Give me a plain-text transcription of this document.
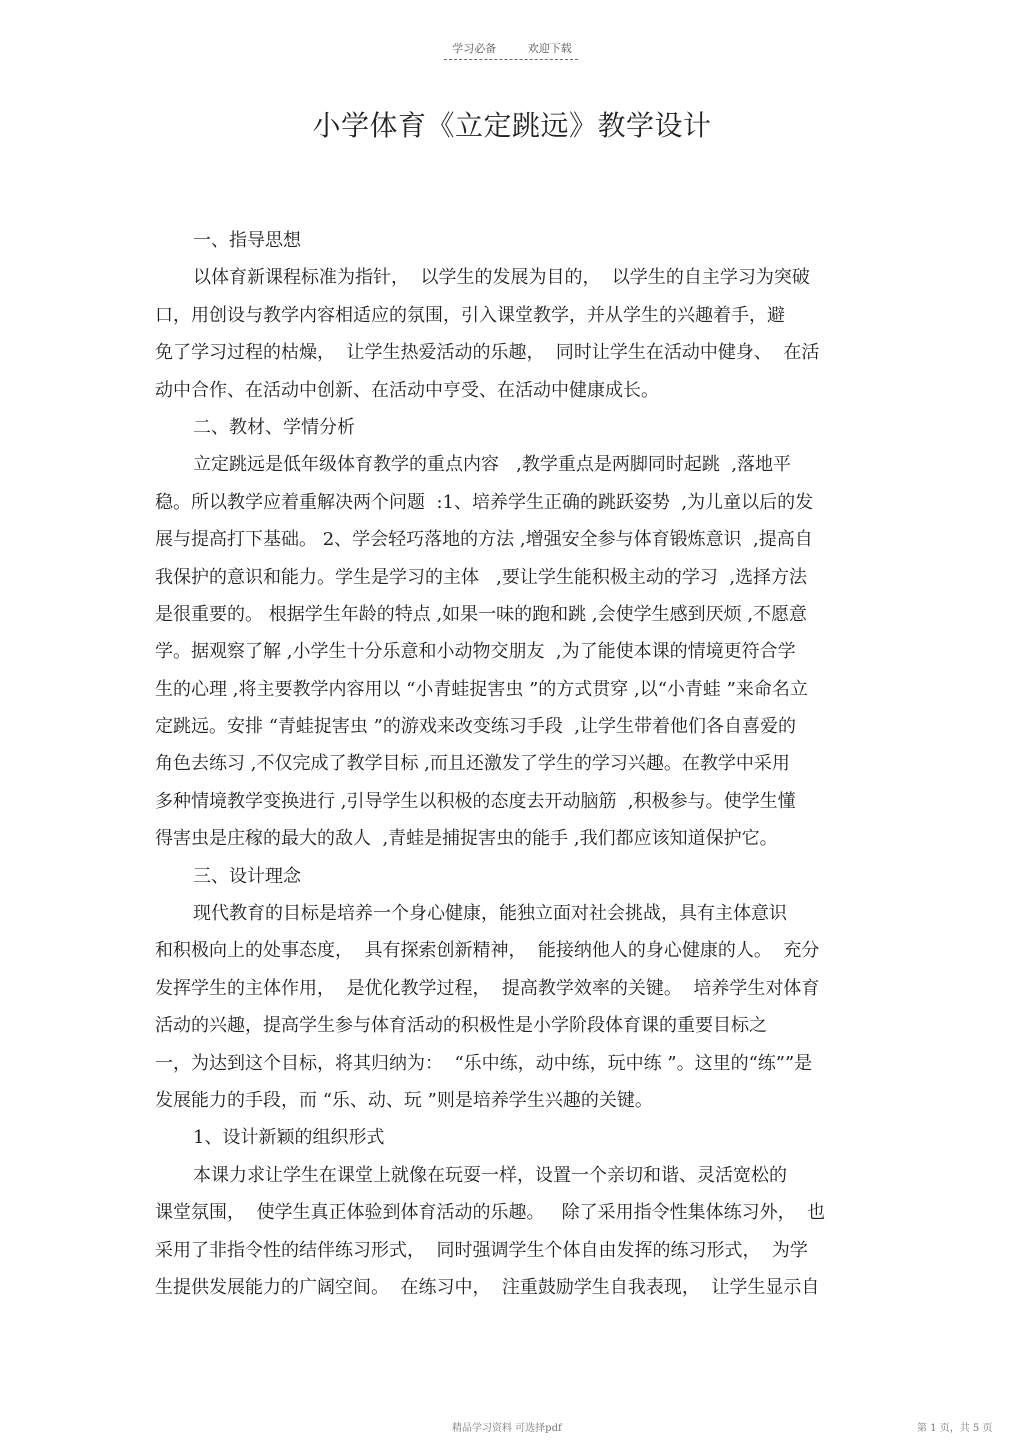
学习必备	欢迎下载
小学体育《立定跳远》教学设计
一、指导思想
以体育新课程标准为指针，  以学生的发展为目的，  以学生的自主学习为突破
口，用创设与教学内容相适应的氛围，引入课堂教学，并从学生的兴趣着手，避
免了学习过程的枯燥，  让学生热爱活动的乐趣，  同时让学生在活动中健身、  在活
动中合作、在活动中创新、在活动中亨受、在活动中健康成长。
二、教材、学情分析
立定跳远是低年级体育教学的重点内容   ,教学重点是两脚同时起跳  ,落地平
稳。所以教学应着重解决两个问题  :1、培养学生正确的跳跃姿势  ,为儿童以后的发
展与提高打下基础。 2、学会轻巧落地的方法 ,增强安全参与体育锻炼意识  ,提高自
我保护的意识和能力。学生是学习的主体   ,要让学生能积极主动的学习  ,选择方法
是很重要的。 根据学生年龄的特点 ,如果一味的跑和跳 ,会使学生感到厌烦 ,不愿意
学。据观察了解 ,小学生十分乐意和小动物交朋友  ,为了能使本课的情境更符合学
生的心理 ,将主要教学内容用以 “小青蛙捉害虫 ”的方式贯穿 ,以“小青蛙 ”来命名立
定跳远。安排 “青蛙捉害虫 ”的游戏来改变练习手段  ,让学生带着他们各自喜爱的
角色去练习 ,不仅完成了教学目标 ,而且还激发了学生的学习兴趣。在教学中采用
多种情境教学变换进行 ,引导学生以积极的态度去开动脑筋  ,积极参与。使学生懂
得害虫是庄稼的最大的敌人  ,青蛙是捕捉害虫的能手 ,我们都应该知道保护它。
三、设计理念
现代教育的目标是培养一个身心健康，能独立面对社会挑战，具有主体意识
和积极向上的处事态度，  具有探索创新精神，  能接纳他人的身心健康的人。  充分
发挥学生的主体作用，  是优化教学过程，  提高教学效率的关键。  培养学生对体育
活动的兴趣，提高学生参与体育活动的积极性是小学阶段体育课的重要目标之
一，为达到这个目标，将其归纳为：  “乐中练，动中练，玩中练 ”。这里的“练””是
发展能力的手段，而 “乐、动、玩 ”则是培养学生兴趣的关键。
1、设计新颖的组织形式
本课力求让学生在课堂上就像在玩耍一样，设置一个亲切和谐、灵活宽松的
课堂氛围，  使学生真正体验到体育活动的乐趣。   除了采用指令性集体练习外，  也
采用了非指令性的结伴练习形式，  同时强调学生个体自由发挥的练习形式，  为学
生提供发展能力的广阔空间。  在练习中，  注重鼓励学生自我表现，  让学生显示自
精品学习资料 可选择pdf	第 1 页，共 5 页
